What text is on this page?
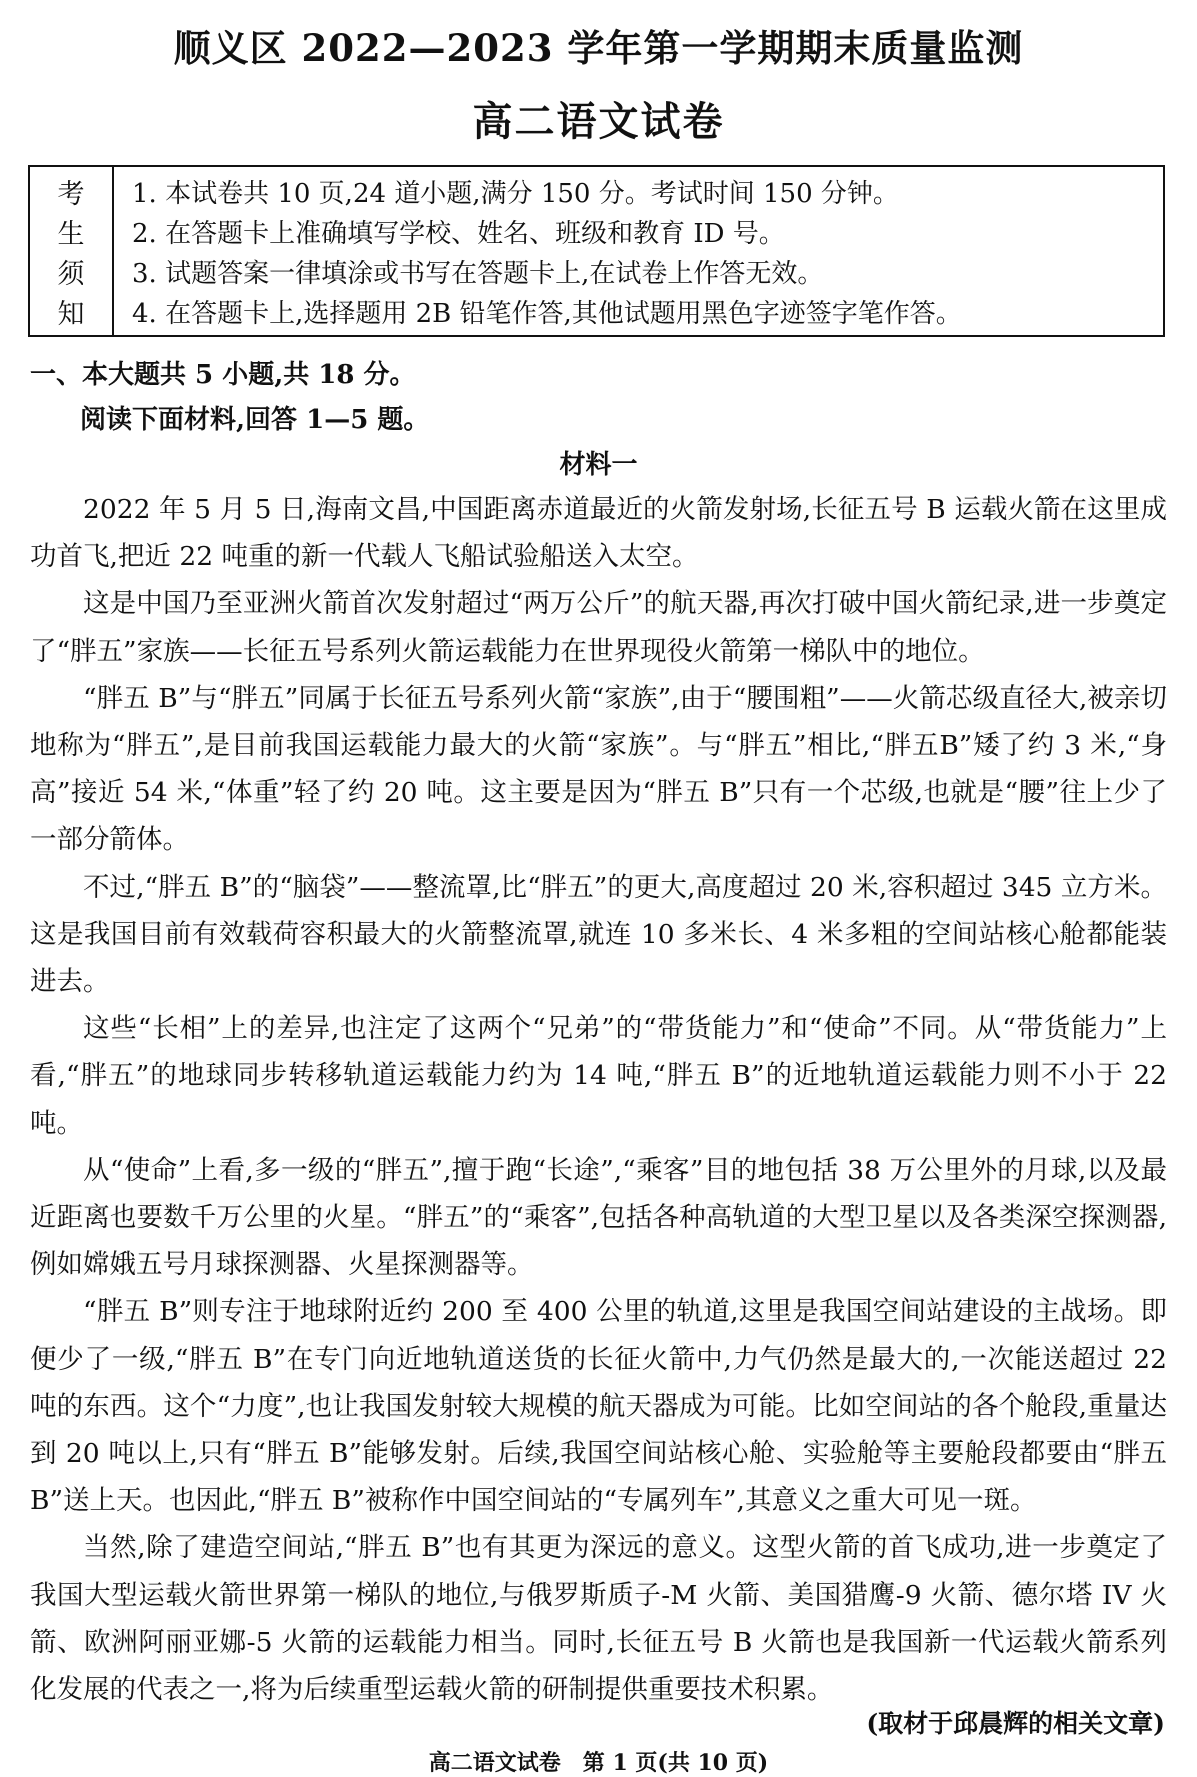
顺义区 2022—2023 学年第一学期期末质量监测
高二语文试卷
考
生
须
知
1. 本试卷共 10 页,24 道小题,满分 150 分。考试时间 150 分钟。
2. 在答题卡上准确填写学校、姓名、班级和教育 ID 号。
3. 试题答案一律填涂或书写在答题卡上,在试卷上作答无效。
4. 在答题卡上,选择题用 2B 铅笔作答,其他试题用黑色字迹签字笔作答。
一、本大题共 5 小题,共 18 分。
阅读下面材料,回答 1—5 题。
材料一

2022 年 5 月 5 日,海南文昌,中国距离赤道最近的火箭发射场,长征五号 B 运载火箭在这里成功首飞,把近 22 吨重的新一代载人飞船试验船送入太空。

这是中国乃至亚洲火箭首次发射超过“两万公斤”的航天器,再次打破中国火箭纪录,进一步奠定了“胖五”家族——长征五号系列火箭运载能力在世界现役火箭第一梯队中的地位。

“胖五 B”与“胖五”同属于长征五号系列火箭“家族”,由于“腰围粗”——火箭芯级直径大,被亲切地称为“胖五”,是目前我国运载能力最大的火箭“家族”。与“胖五”相比,“胖五B”矮了约 3 米,“身高”接近 54 米,“体重”轻了约 20 吨。这主要是因为“胖五 B”只有一个芯级,也就是“腰”往上少了一部分箭体。

不过,“胖五 B”的“脑袋”——整流罩,比“胖五”的更大,高度超过 20 米,容积超过 345 立方米。这是我国目前有效载荷容积最大的火箭整流罩,就连 10 多米长、4 米多粗的空间站核心舱都能装进去。

这些“长相”上的差异,也注定了这两个“兄弟”的“带货能力”和“使命”不同。从“带货能力”上看,“胖五”的地球同步转移轨道运载能力约为 14 吨,“胖五 B”的近地轨道运载能力则不小于 22 吨。

从“使命”上看,多一级的“胖五”,擅于跑“长途”,“乘客”目的地包括 38 万公里外的月球,以及最近距离也要数千万公里的火星。“胖五”的“乘客”,包括各种高轨道的大型卫星以及各类深空探测器,例如嫦娥五号月球探测器、火星探测器等。

“胖五 B”则专注于地球附近约 200 至 400 公里的轨道,这里是我国空间站建设的主战场。即便少了一级,“胖五 B”在专门向近地轨道送货的长征火箭中,力气仍然是最大的,一次能送超过 22 吨的东西。这个“力度”,也让我国发射较大规模的航天器成为可能。比如空间站的各个舱段,重量达到 20 吨以上,只有“胖五 B”能够发射。后续,我国空间站核心舱、实验舱等主要舱段都要由“胖五 B”送上天。也因此,“胖五 B”被称作中国空间站的“专属列车”,其意义之重大可见一斑。

当然,除了建造空间站,“胖五 B”也有其更为深远的意义。这型火箭的首飞成功,进一步奠定了我国大型运载火箭世界第一梯队的地位,与俄罗斯质子-M 火箭、美国猎鹰-9 火箭、德尔塔 IV 火箭、欧洲阿丽亚娜-5 火箭的运载能力相当。同时,长征五号 B 火箭也是我国新一代运载火箭系列化发展的代表之一,将为后续重型运载火箭的研制提供重要技术积累。

(取材于邱晨辉的相关文章)
高二语文试卷　第 1 页(共 10 页)
